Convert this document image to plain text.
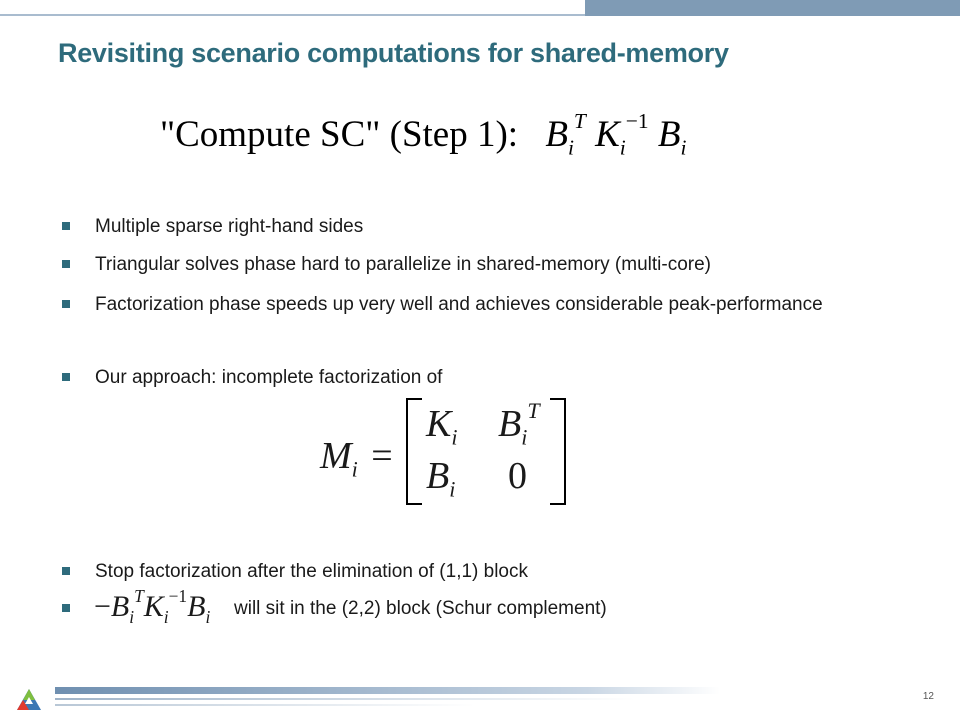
Revisiting scenario computations for shared-memory
"Compute SC" (Step 1): $B_i^T$ $K_i^{-1}$ $B_i$
Multiple sparse right-hand sides
Triangular solves phase hard to parallelize in shared-memory (multi-core)
Factorization phase speeds up very well and achieves considerable peak-performance
Our approach: incomplete factorization of
Stop factorization after the elimination of (1,1) block
$-B_i^TK_i^{-1}B_i$ will sit in the (2,2) block (Schur complement)
$M_i$ =
$K_i$ $B_i^T$
$B_i$ 0
12
